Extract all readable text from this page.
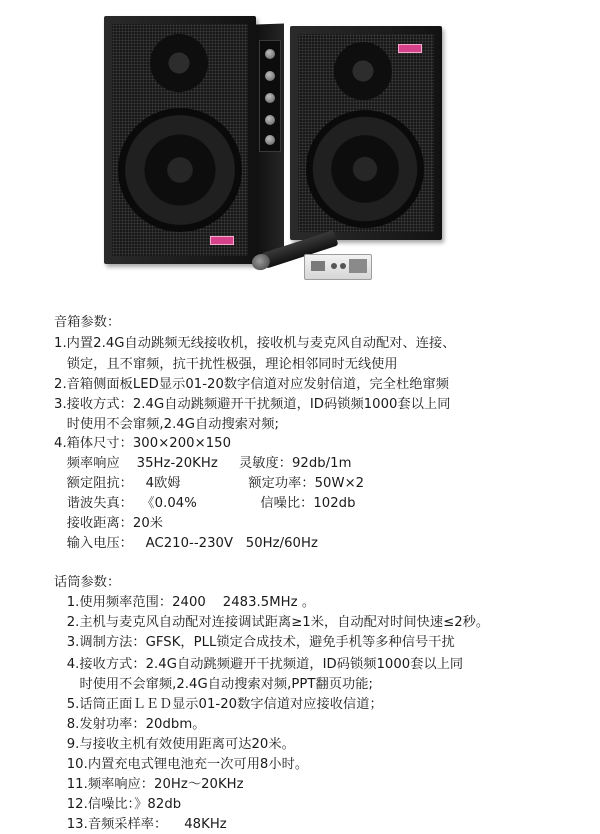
音箱参数：
1.内置2.4G自动跳频无线接收机，接收机与麦克风自动配对、连接、
锁定，且不窜频，抗干扰性极强，理论相邻同时无线使用
2.音箱侧面板LED显示01-20数字信道对应发射信道，完全杜绝窜频
3.接收方式：2.4G自动跳频避开干扰频道，ID码锁频1000套以上同
时使用不会窜频,2.4G自动搜索对频;
4.箱体尺寸：300×200×150
频率响应    35Hz-20KHz     灵敏度：92db/1m
额定阻抗：   4欧姆                额定功率：50W×2
谐波失真：  《0.04%               信噪比：102db
接收距离：20米
输入电压：   AC210--230V   50Hz/60Hz
话筒参数：
1.使用频率范围：2400    2483.5MHz 。
2.主机与麦克风自动配对连接调试距离≥1米，自动配对时间快速≤2秒。
3.调制方法：GFSK，PLL锁定合成技术，避免手机等多种信号干扰
4.接收方式：2.4G自动跳频避开干扰频道，ID码锁频1000套以上同
时使用不会窜频,2.4G自动搜索对频,PPT翻页功能;
5.话筒正面ＬＥＤ显示01-20数字信道对应接收信道；
8.发射功率：20dbm。
9.与接收主机有效使用距离可达20米。
10.内置充电式锂电池充一次可用8小时。
11.频率响应：20Hz～20KHz
12.信噪比：》82db
13.音频采样率：    48KHz
